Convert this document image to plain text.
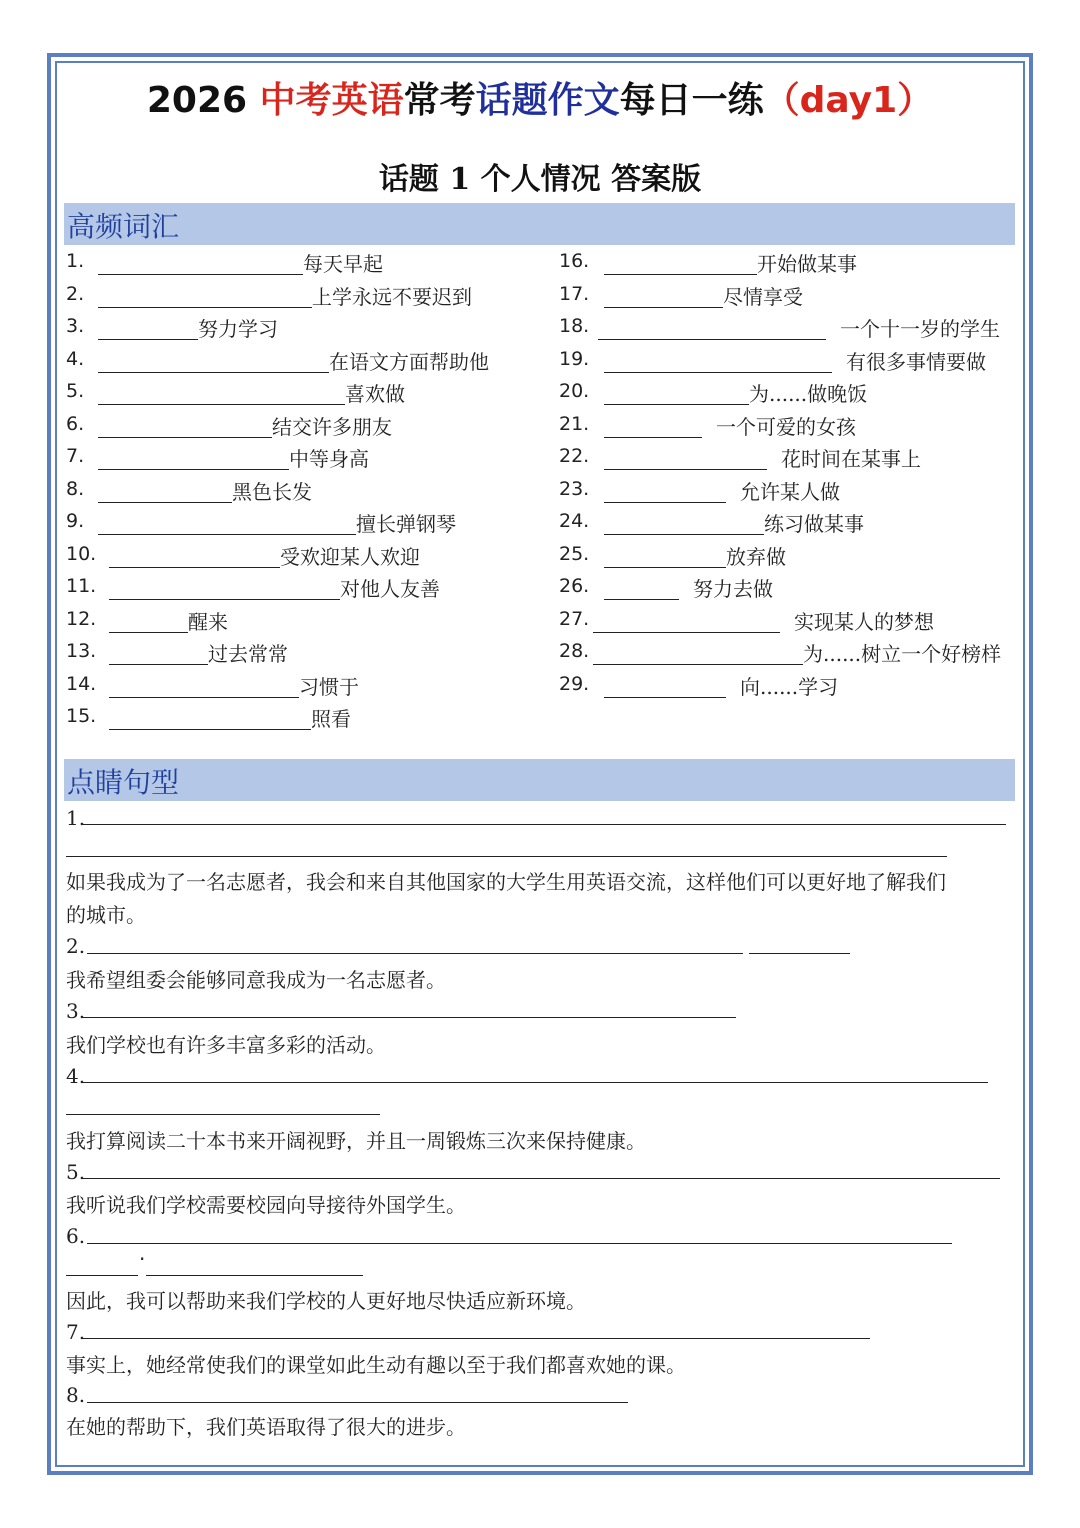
2026 中考英语常考话题作文每日一练（day1）
话题 1 个人情况 答案版
高频词汇
点睛句型
1.	每天早起
2.	上学永远不要迟到
3.	努力学习
4.	在语文方面帮助他
5.	喜欢做
6.	结交许多朋友
7.	中等身高
8.	黑色长发
9.	擅长弹钢琴
10.	受欢迎某人欢迎
11.	对他人友善
12.	醒来
13.	过去常常
14.	习惯于
15.	照看
16.	开始做某事
17.	尽情享受
18.	一个十一岁的学生
19.	有很多事情要做
20.	为......做晚饭
21.	一个可爱的女孩
22.	花时间在某事上
23.	允许某人做
24.	练习做某事
25.	放弃做
26.	努力去做
27.	实现某人的梦想
28.	为......树立一个好榜样
29.	向......学习
1.
如果我成为了一名志愿者，我会和来自其他国家的大学生用英语交流，这样他们可以更好地了解我们
的城市。
2.
我希望组委会能够同意我成为一名志愿者。
3.
我们学校也有许多丰富多彩的活动。
4.
我打算阅读二十本书来开阔视野，并且一周锻炼三次来保持健康。
5.
我听说我们学校需要校园向导接待外国学生。
6.
.
因此，我可以帮助来我们学校的人更好地尽快适应新环境。
7.
事实上，她经常使我们的课堂如此生动有趣以至于我们都喜欢她的课。
8.
在她的帮助下，我们英语取得了很大的进步。
